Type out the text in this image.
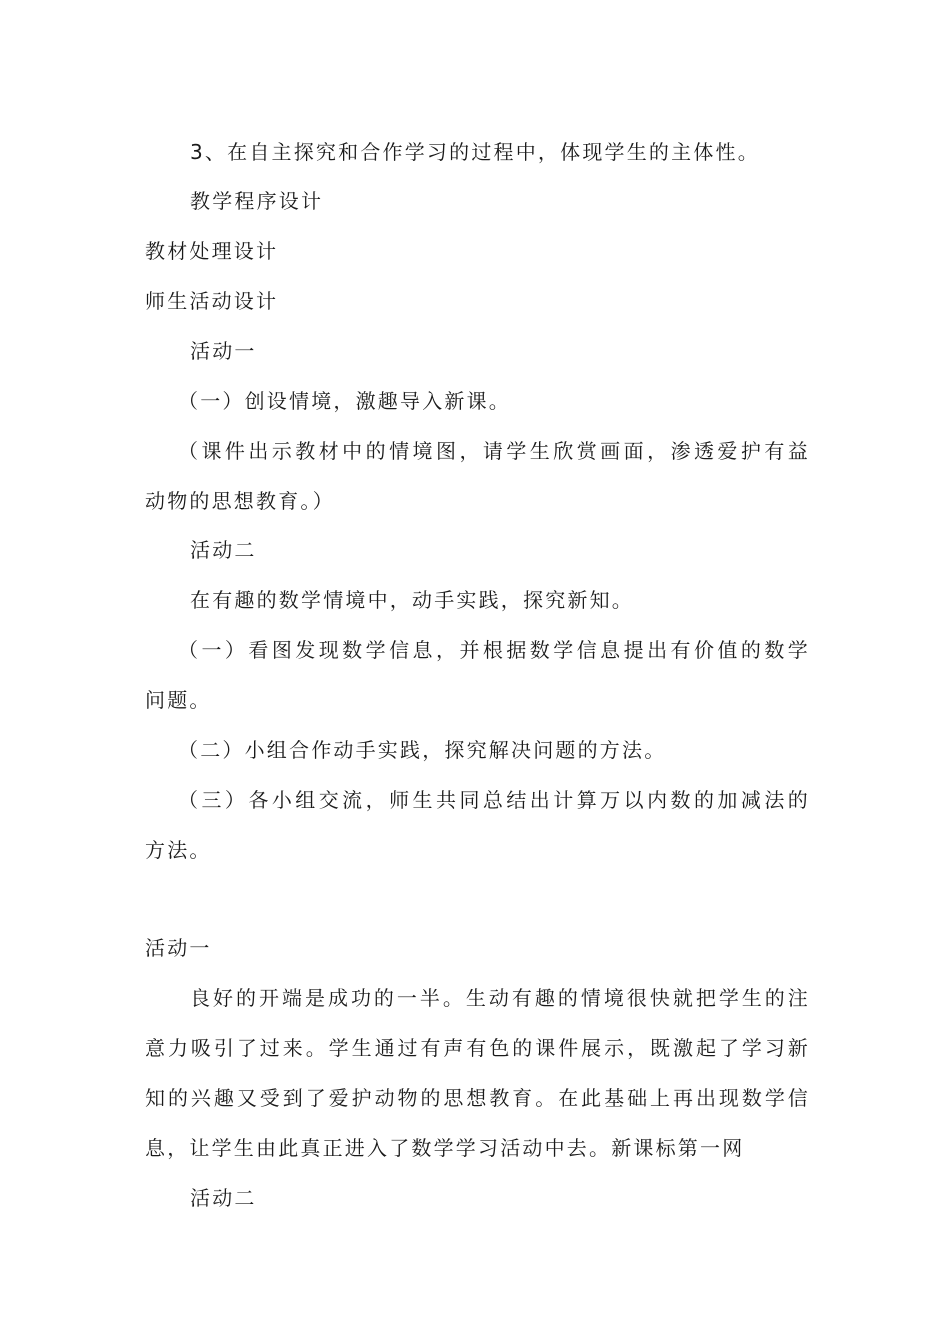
3、在自主探究和合作学习的过程中，体现学生的主体性。
教学程序设计
教材处理设计
师生活动设计
活动一
（一）创设情境，激趣导入新课。
（课件出示教材中的情境图，请学生欣赏画面，渗透爱护有益
动物的思想教育。）
活动二
在有趣的数学情境中，动手实践，探究新知。
（一）看图发现数学信息，并根据数学信息提出有价值的数学
问题。
（二）小组合作动手实践，探究解决问题的方法。
（三）各小组交流，师生共同总结出计算万以内数的加减法的
方法。
活动一
良好的开端是成功的一半。生动有趣的情境很快就把学生的注
意力吸引了过来。学生通过有声有色的课件展示，既激起了学习新
知的兴趣又受到了爱护动物的思想教育。在此基础上再出现数学信
息，让学生由此真正进入了数学学习活动中去。新课标第一网
活动二
